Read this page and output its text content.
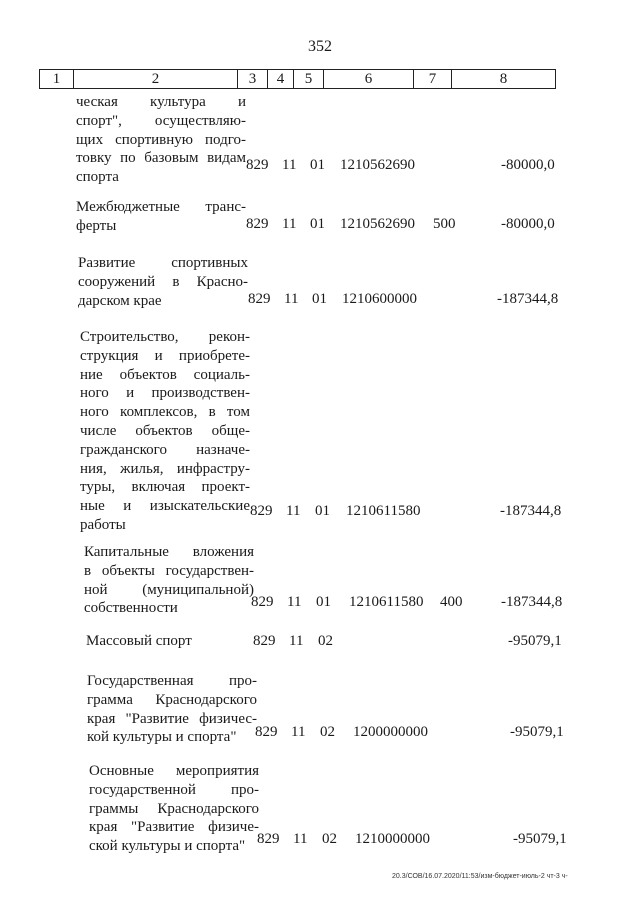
352
1	2	3	4	5	6	7	8
ческая культура и
спорт", осуществляю-
щих спортивную подго-
товку по базовым видам
спорта
829 11 01 1210562690	-80000,0
Межбюджетные транс-
ферты	829 11 01 1210562690 500	-80000,0
Развитие спортивных
сооружений в Красно-
дарском крае	829 11 01 1210600000	-187344,8
Строительство, рекон-
струкция и приобрете-
ние объектов социаль-
ного и производствен-
ного комплексов, в том
числе объектов обще-
гражданского назначе-
ния, жилья, инфрастру-
туры, включая проект-
ные и изыскательские
работы
829 11 01 1210611580	-187344,8
Капитальные вложения
в объекты государствен-
ной (муниципальной)
собственности	829 11 01 1210611580 400	-187344,8
Массовый спорт	829 11 02	-95079,1
Государственная про-
грамма Краснодарского
края "Развитие физичес-
кой культуры и спорта"	829 11 02 1200000000	-95079,1
Основные мероприятия
государственной про-
граммы Краснодарского
края "Развитие физиче-
ской культуры и спорта" 829 11 02 1210000000	-95079,1
20.3/СОВ/16.07.2020/11:53/изм-бюджет-июль-2 чт-3 ч-
